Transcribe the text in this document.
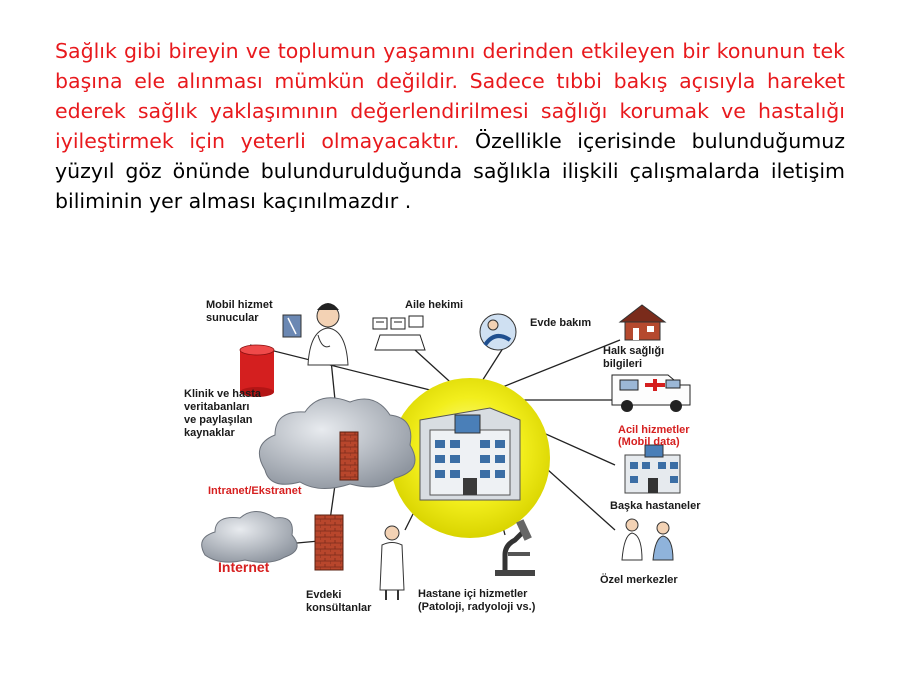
Sağlık gibi bireyin ve toplumun yaşamını derinden etkileyen bir konunun tek başına ele alınması mümkün değildir. Sadece tıbbi bakış açısıyla hareket ederek sağlık yaklaşımının değerlendirilmesi sağlığı korumak ve hastalığı iyileştirmek için yeterli olmayacaktır. Özellikle içerisinde bulunduğumuz yüzyıl göz önünde bulundurulduğunda sağlıkla ilişkili çalışmalarda iletişim biliminin yer alması kaçınılmazdır .
Mobil hizmet
sunucular
Aile hekimi
Evde bakım
Halk sağlığı
bilgileri
Klinik ve hasta
veritabanları
ve paylaşılan
kaynaklar	Acil hizmetler
(Mobil data)
Intranet/Ekstranet
Başka hastaneler
Internet
Özel merkezler
Evdeki
konsültanlar
Hastane içi hizmetler
(Patoloji, radyoloji vs.)
